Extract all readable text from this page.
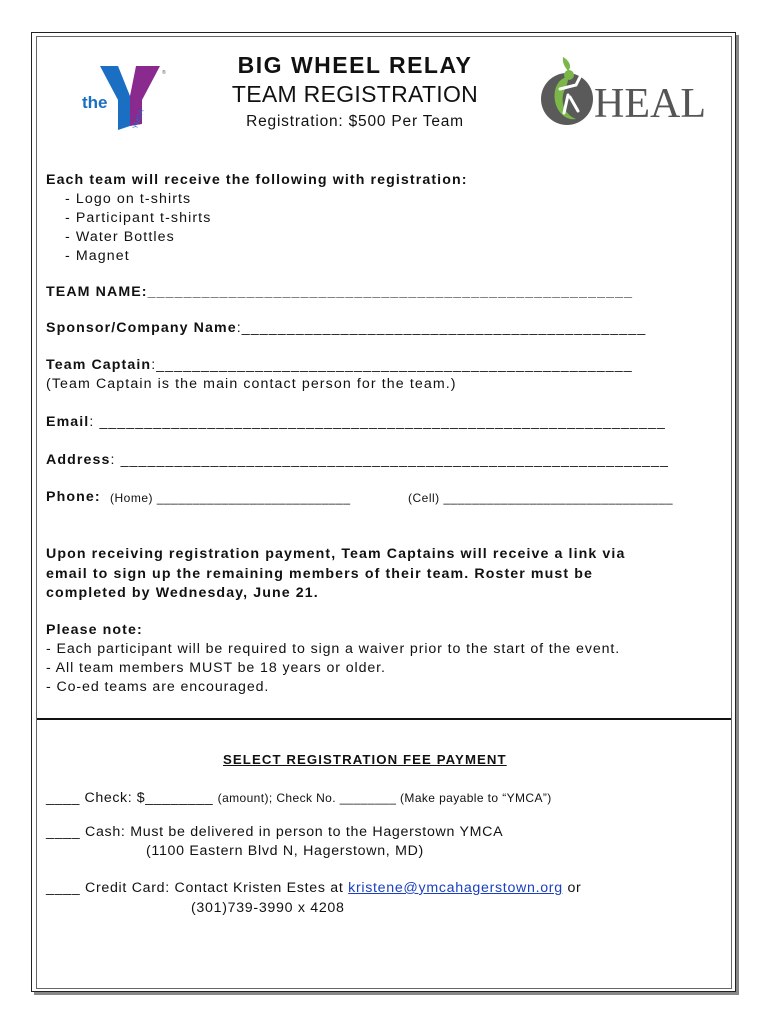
the
YMCA
®	BIG WHEEL RELAY
TEAM REGISTRATION
Registration: $500 Per Team	HEAL
Each team will receive the following with registration:
- Logo on t-shirts
- Participant t-shirts
- Water Bottles
- Magnet
TEAM NAME:______________________________________________________
Sponsor/Company Name:_____________________________________________
Team Captain:_____________________________________________________
(Team Captain is the main contact person for the team.)
Email: _______________________________________________________________
Address: _____________________________________________________________
Phone: (Home) ___________________________	(Cell) ________________________________
Upon receiving registration payment, Team Captains will receive a link via
email to sign up the remaining members of their team. Roster must be
completed by Wednesday, June 21.
Please note:
- Each participant will be required to sign a waiver prior to the start of the event.
- All team members MUST be 18 years or older.
- Co-ed teams are encouraged.
SELECT REGISTRATION FEE PAYMENT
____ Check: $________ (amount); Check No. ________ (Make payable to “YMCA”)
____ Cash: Must be delivered in person to the Hagerstown YMCA
(1100 Eastern Blvd N, Hagerstown, MD)
____ Credit Card: Contact Kristen Estes at kristene@ymcahagerstown.org or
(301)739-3990 x 4208
